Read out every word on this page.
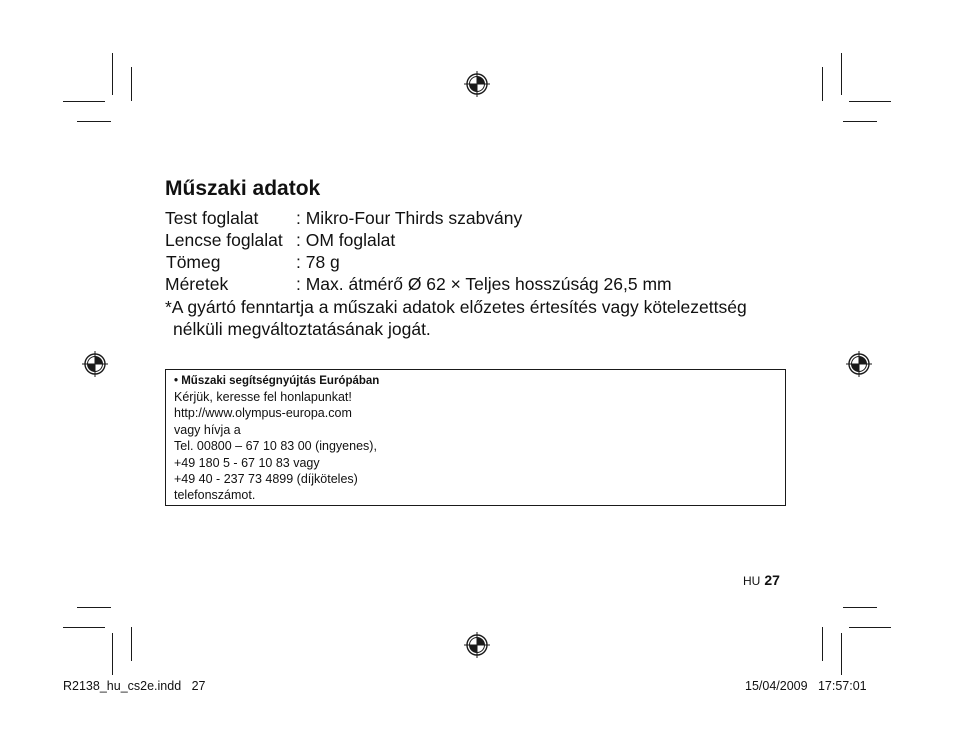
Műszaki adatok
Test foglalat : Mikro-Four Thirds szabvány
Lencse foglalat : OM foglalat
Tömeg	: 78 g
Méretek	: Max. átmérő Ø 62 × Teljes hosszúság 26,5 mm
*A gyártó fenntartja a műszaki adatok előzetes értesítés vagy kötelezettség
nélküli megváltoztatásának jogát.
• Műszaki segítségnyújtás Európában
Kérjük, keresse fel honlapunkat!
http://www.olympus-europa.com
vagy hívja a
Tel. 00800 – 67 10 83 00 (ingyenes),
+49 180 5 - 67 10 83 vagy
+49 40 - 237 73 4899 (díjköteles)
telefonszámot.
HU 27
R2138_hu_cs2e.indd   27	15/04/2009   17:57:01
